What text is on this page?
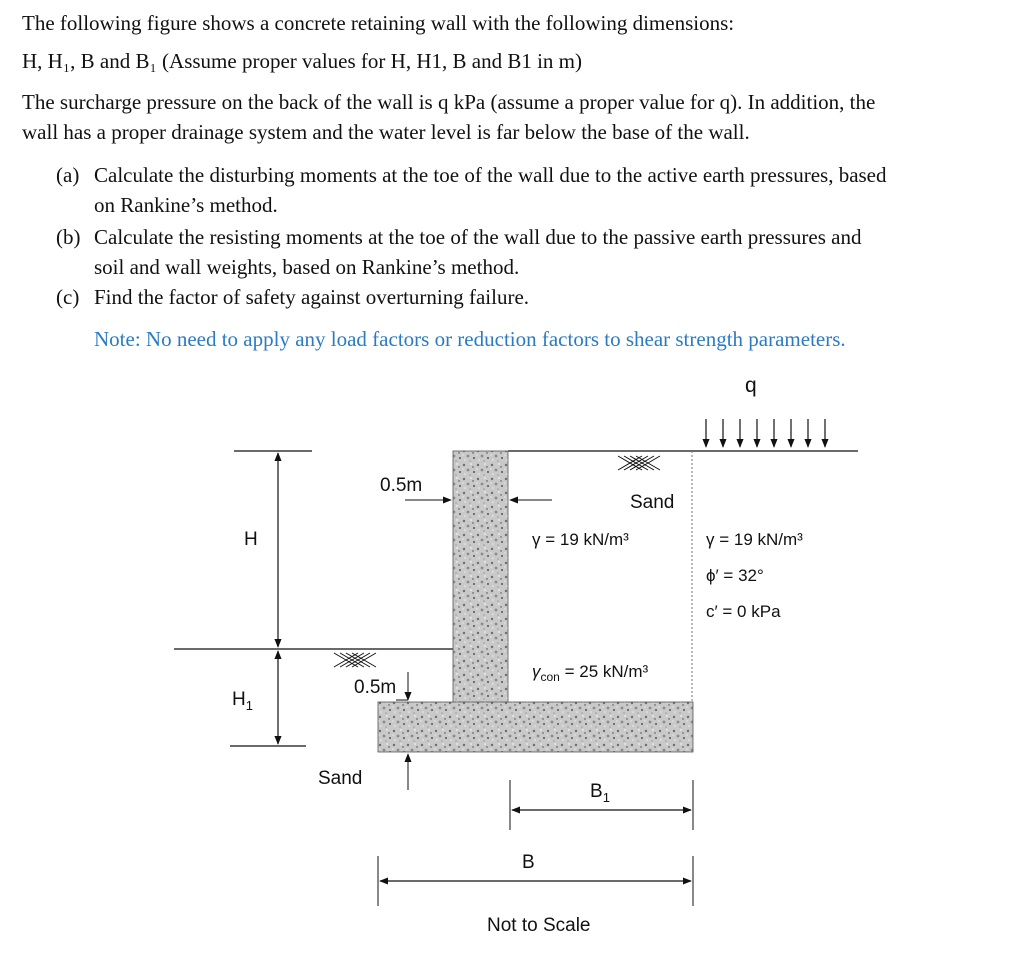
The following figure shows a concrete retaining wall with the following dimensions:
H, H₁, B and B₁ (Assume proper values for H, H1, B and B1 in m)
The surcharge pressure on the back of the wall is q kPa (assume a proper value for q). In addition, the
wall has a proper drainage system and the water level is far below the base of the wall.
(a) Calculate the disturbing moments at the toe of the wall due to the active earth pressures, based
on Rankine’s method.
(b) Calculate the resisting moments at the toe of the wall due to the passive earth pressures and
soil and wall weights, based on Rankine’s method.
(c) Find the factor of safety against overturning failure.
Note: No need to apply any load factors or reduction factors to shear strength parameters.
q
H
$H_1$
0.5m
0.5m
Sand
Sand
γ = 19 kN/m³
$\gamma_{con} = 25$ kN/m³
γ = 19 kN/m³
ϕ′ = 32°
c′ = 0 kPa
$B_1$
B
Not to Scale
